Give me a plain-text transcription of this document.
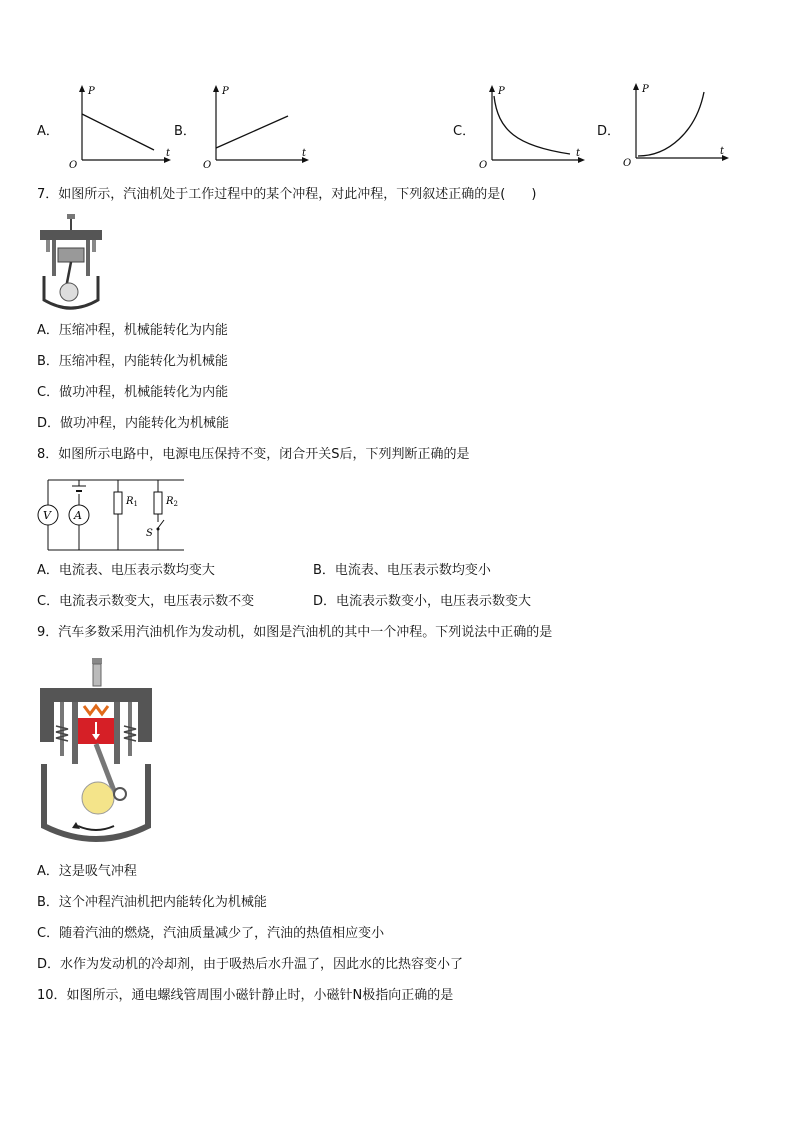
A．
P
t
O
B．
P
t
O
C．
P
t
O
D．
P
t
O
7．如图所示，汽油机处于工作过程中的某个冲程，对此冲程，下列叙述正确的是(　　)
A．压缩冲程，机械能转化为内能
B．压缩冲程，内能转化为机械能
C．做功冲程，机械能转化为内能
D．做功冲程，内能转化为机械能
8．如图所示电路中，电源电压保持不变，闭合开关S后，下列判断正确的是
V A
$R_1$	$R_2$
S
A．电流表、电压表示数均变大	B．电流表、电压表示数均变小
C．电流表示数变大，电压表示数不变	D．电流表示数变小，电压表示数变大
9．汽车多数采用汽油机作为发动机，如图是汽油机的其中一个冲程。下列说法中正确的是
A．这是吸气冲程
B．这个冲程汽油机把内能转化为机械能
C．随着汽油的燃烧，汽油质量减少了，汽油的热值相应变小
D．水作为发动机的冷却剂，由于吸热后水升温了，因此水的比热容变小了
10．如图所示，通电螺线管周围小磁针静止时，小磁针N极指向正确的是
